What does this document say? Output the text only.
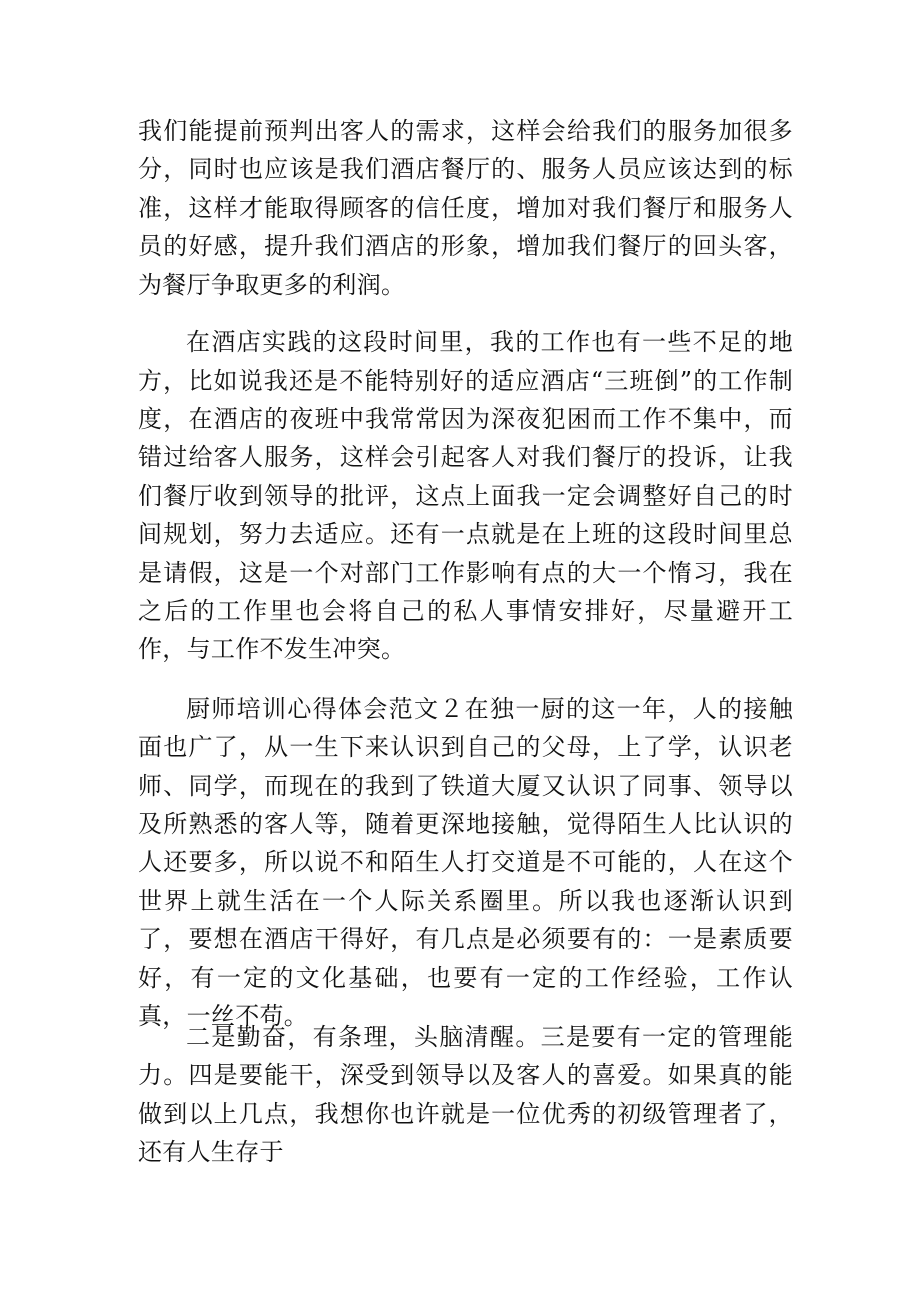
我们能提前预判出客人的需求，这样会给我们的服务加很多分，同时也应该是我们酒店餐厅的、服务人员应该达到的标准，这样才能取得顾客的信任度，增加对我们餐厅和服务人员的好感，提升我们酒店的形象，增加我们餐厅的回头客，为餐厅争取更多的利润。

在酒店实践的这段时间里，我的工作也有一些不足的地方，比如说我还是不能特别好的适应酒店“三班倒”的工作制度，在酒店的夜班中我常常因为深夜犯困而工作不集中，而错过给客人服务，这样会引起客人对我们餐厅的投诉，让我们餐厅收到领导的批评，这点上面我一定会调整好自己的时间规划，努力去适应。还有一点就是在上班的这段时间里总是请假，这是一个对部门工作影响有点的大一个惰习，我在之后的工作里也会将自己的私人事情安排好，尽量避开工作，与工作不发生冲突。

厨师培训心得体会范文２在独一厨的这一年，人的接触面也广了，从一生下来认识到自己的父母，上了学，认识老师、同学，而现在的我到了铁道大厦又认识了同事、领导以及所熟悉的客人等，随着更深地接触，觉得陌生人比认识的人还要多，所以说不和陌生人打交道是不可能的，人在这个世界上就生活在一个人际关系圈里。所以我也逐渐认识到了，要想在酒店干得好，有几点是必须要有的：一是素质要好，有一定的文化基础，也要有一定的工作经验，工作认真，一丝不苟。

二是勤奋，有条理，头脑清醒。三是要有一定的管理能力。四是要能干，深受到领导以及客人的喜爱。如果真的能做到以上几点，我想你也许就是一位优秀的初级管理者了，还有人生存于
